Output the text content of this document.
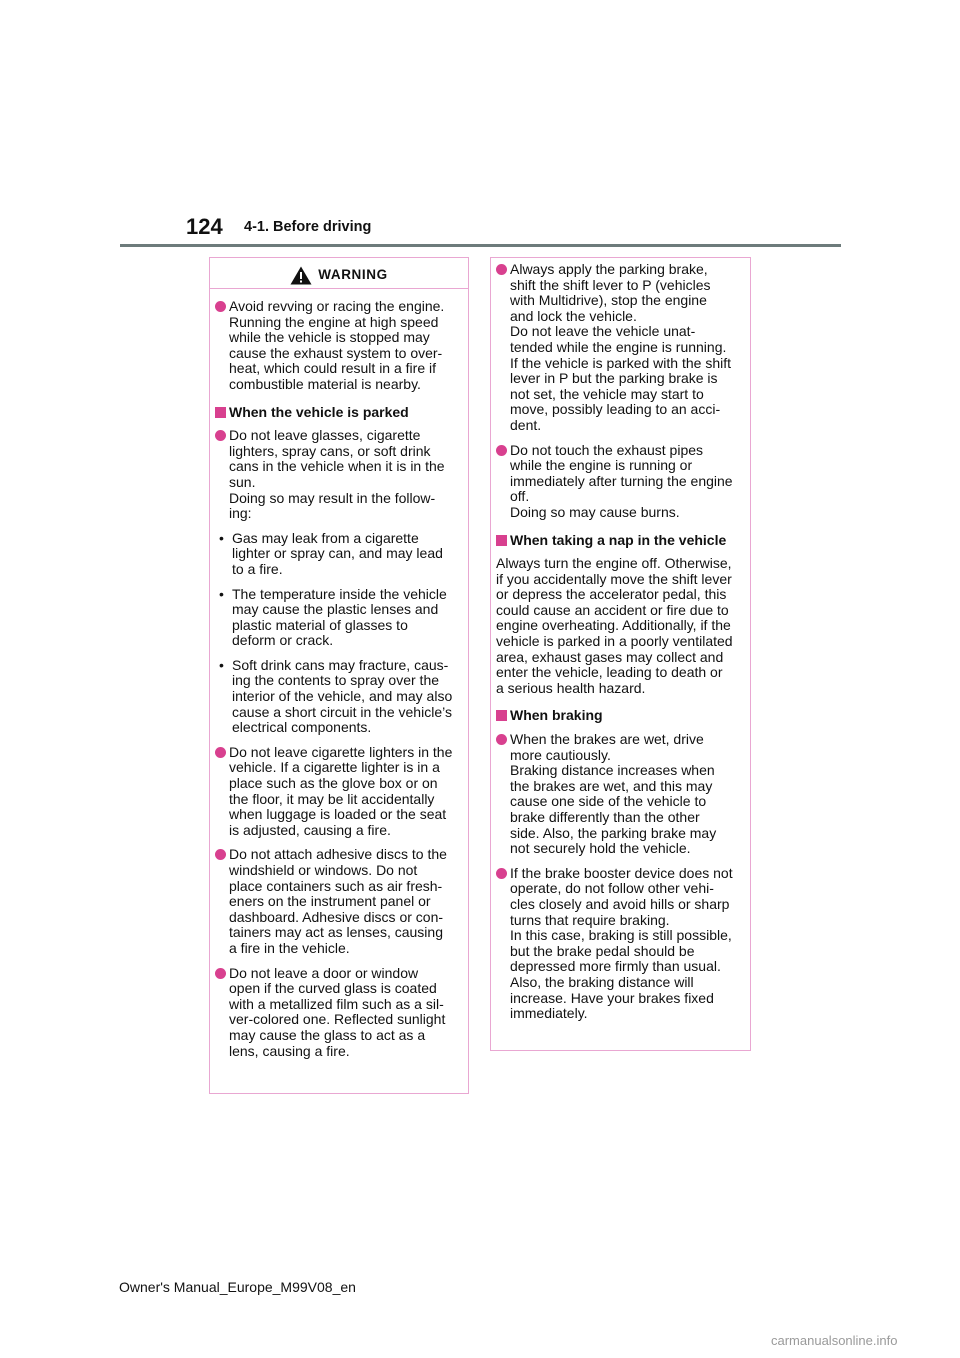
124 4-1. Before driving
WARNING
Avoid revving or racing the engine.
Running the engine at high speed
while the vehicle is stopped may
cause the exhaust system to over-
heat, which could result in a fire if
combustible material is nearby.
When the vehicle is parked
Do not leave glasses, cigarette
lighters, spray cans, or soft drink
cans in the vehicle when it is in the
sun.
Doing so may result in the follow-
ing:
• Gas may leak from a cigarette
lighter or spray can, and may lead
to a fire.
• The temperature inside the vehicle
may cause the plastic lenses and
plastic material of glasses to
deform or crack.
• Soft drink cans may fracture, caus-
ing the contents to spray over the
interior of the vehicle, and may also
cause a short circuit in the vehicle’s
electrical components.
Do not leave cigarette lighters in the
vehicle. If a cigarette lighter is in a
place such as the glove box or on
the floor, it may be lit accidentally
when luggage is loaded or the seat
is adjusted, causing a fire.
Do not attach adhesive discs to the
windshield or windows. Do not
place containers such as air fresh-
eners on the instrument panel or
dashboard. Adhesive discs or con-
tainers may act as lenses, causing
a fire in the vehicle.
Do not leave a door or window
open if the curved glass is coated
with a metallized film such as a sil-
ver-colored one. Reflected sunlight
may cause the glass to act as a
lens, causing a fire.
Always apply the parking brake,
shift the shift lever to P (vehicles
with Multidrive), stop the engine
and lock the vehicle.
Do not leave the vehicle unat-
tended while the engine is running.
If the vehicle is parked with the shift
lever in P but the parking brake is
not set, the vehicle may start to
move, possibly leading to an acci-
dent.
Do not touch the exhaust pipes
while the engine is running or
immediately after turning the engine
off.
Doing so may cause burns.
When taking a nap in the vehicle
Always turn the engine off. Otherwise,
if you accidentally move the shift lever
or depress the accelerator pedal, this
could cause an accident or fire due to
engine overheating. Additionally, if the
vehicle is parked in a poorly ventilated
area, exhaust gases may collect and
enter the vehicle, leading to death or
a serious health hazard.
When braking
When the brakes are wet, drive
more cautiously.
Braking distance increases when
the brakes are wet, and this may
cause one side of the vehicle to
brake differently than the other
side. Also, the parking brake may
not securely hold the vehicle.
If the brake booster device does not
operate, do not follow other vehi-
cles closely and avoid hills or sharp
turns that require braking.
In this case, braking is still possible,
but the brake pedal should be
depressed more firmly than usual.
Also, the braking distance will
increase. Have your brakes fixed
immediately.
Owner's Manual_Europe_M99V08_en
carmanualsonline.info
